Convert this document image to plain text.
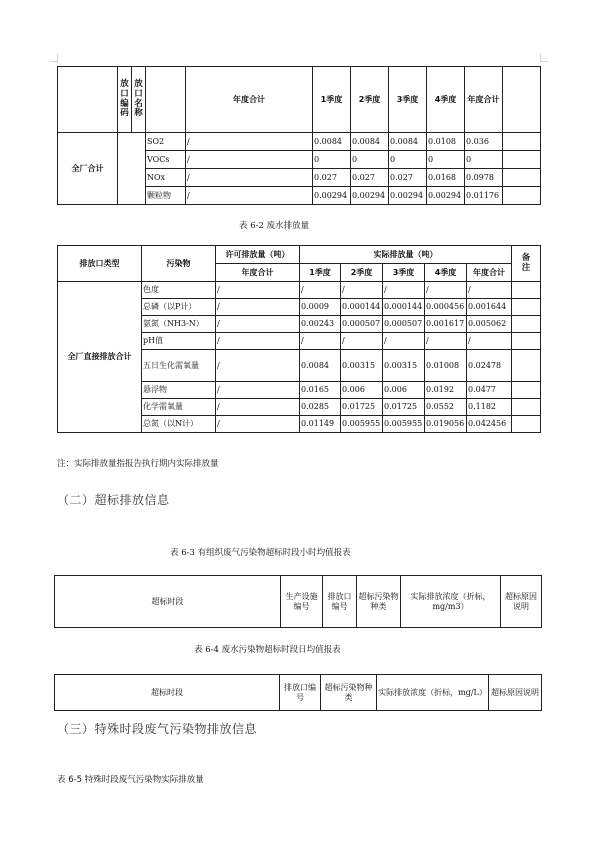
	放口编码	放口名称		年度合计	1季度	2季度	3季度	4季度	年度合计	
全厂合计			SO2	/	0.0084	0.0084	0.0084	0.0108	0.036	
			VOCs	/	0	0	0	0	0	
			NOx	/	0.027	0.027	0.027	0.0168	0.0978	
			颗粒物	/	0.00294	0.00294	0.00294	0.00294	0.01176	
表 6-2 废水排放量
排放口类型	污染物	许可排放量（吨）	实际排放量（吨）					备注
		年度合计	1季度	2季度	3季度	4季度	年度合计	
全厂直接排放合计	色度	/	/	/	/	/	/	
	总磷（以P计）	/	0.0009	0.000144	0.000144	0.000456	0.001644	
	氨氮（NH3-N）	/	0.00243	0.000507	0.000507	0.001617	0.005062	
	pH值	/	/	/	/	/	/	
	五日生化需氧量	/	0.0084	0.00315	0.00315	0.01008	0.02478	
	悬浮物	/	0.0165	0.006	0.006	0.0192	0.0477	
	化学需氧量	/	0.0285	0.01725	0.01725	0.0552	0.1182	
	总氮（以N计）	/	0.01149	0.005955	0.005955	0.019056	0.042456	
注：实际排放量指报告执行期内实际排放量
（二）超标排放信息
表 6-3 有组织废气污染物超标时段小时均值报表
超标时段	生产设施编号	排放口编号	超标污染物种类	实际排放浓度（折标，mg/m3）	超标原因说明
表 6-4 废水污染物超标时段日均值报表
超标时段	排放口编号	超标污染物种类	实际排放浓度（折标，mg/L）	超标原因说明
（三）特殊时段废气污染物排放信息
表 6-5 特殊时段废气污染物实际排放量
